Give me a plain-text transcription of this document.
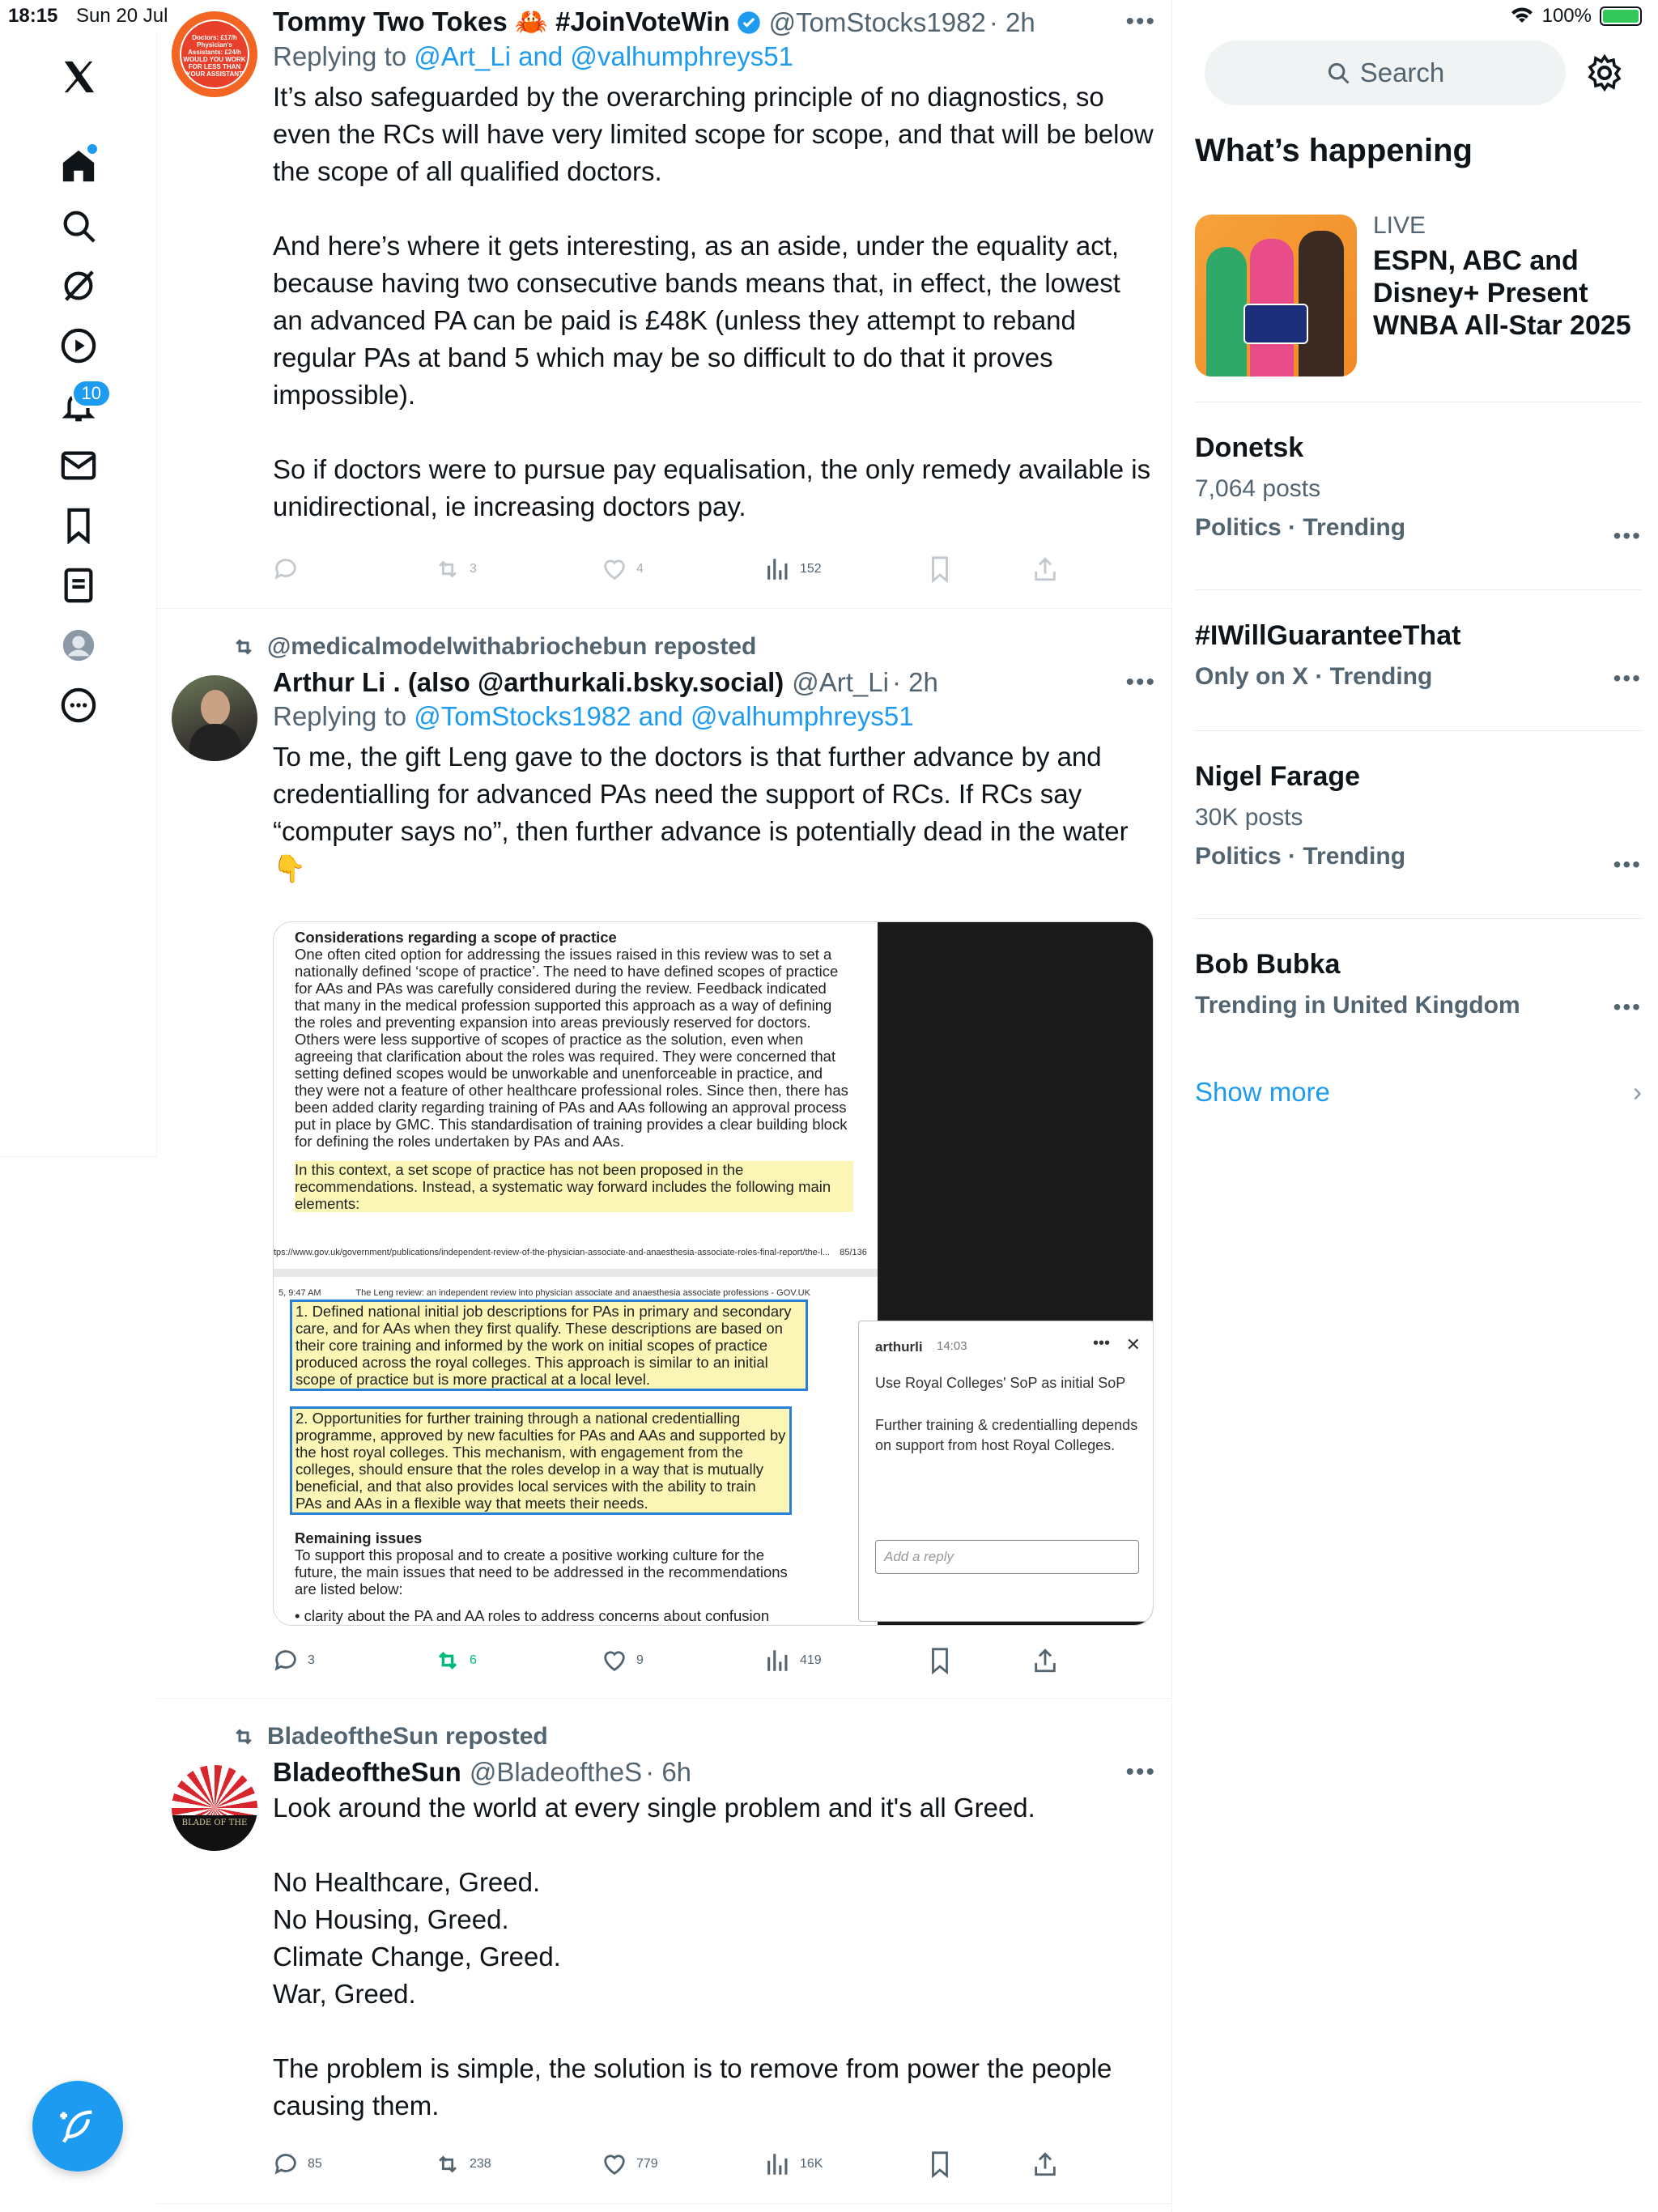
18:15 Sun 20 Jul	100%
10
Doctors: £17/h Physician's Assistants: £24/h WOULD YOU WORK FOR LESS THAN YOUR ASSISTANT
Tommy Two Tokes 🦀 #JoinVoteWin @TomStocks1982 · 2h
Replying to @Art_Li and @valhumphreys51
It’s also safeguarded by the overarching principle of no diagnostics, so even the RCs will have very limited scope for scope, and that will be below the scope of all qualified doctors.

And here’s where it gets interesting, as an aside, under the equality act, because having two consecutive bands means that, in effect, the lowest an advanced PA can be paid is £48K (unless they attempt to reband regular PAs at band 5 which may be so difficult to do that it proves impossible).

So if doctors were to pursue pay equalisation, the only remedy available is unidirectional, ie increasing doctors pay.
•••
3	4	152
@medicalmodelwithabriochebun reposted
Arthur Li . (also @arthurkali.bsky.social) @Art_Li · 2h
Replying to @TomStocks1982 and @valhumphreys51
To me, the gift Leng gave to the doctors is that further advance by and credentialling for advanced PAs need the support of RCs. If RCs say “computer says no”, then further advance is potentially dead in the water 👇
•••
Considerations regarding a scope of practice
One often cited option for addressing the issues raised in this review was to set a nationally defined ‘scope of practice’. The need to have defined scopes of practice for AAs and PAs was carefully considered during the review. Feedback indicated that many in the medical profession supported this approach as a way of defining the roles and preventing expansion into areas previously reserved for doctors. Others were less supportive of scopes of practice as the solution, even when agreeing that clarification about the roles was required. They were concerned that setting defined scopes would be unworkable and unenforceable in practice, and they were not a feature of other healthcare professional roles. Since then, there has been added clarity regarding training of PAs and AAs following an approval process put in place by GMC. This standardisation of training provides a clear building block for defining the roles undertaken by PAs and AAs.
In this context, a set scope of practice has not been proposed in the recommendations. Instead, a systematic way forward includes the following main elements:
tps://www.gov.uk/government/publications/independent-review-of-the-physician-associate-and-anaesthesia-associate-roles-final-report/the-l... 85/136
5, 9:47 AM	The Leng review: an independent review into physician associate and anaesthesia associate professions - GOV.UK
1. Defined national initial job descriptions for PAs in primary and secondary care, and for AAs when they first qualify. These descriptions are based on their core training and informed by the work on initial scopes of practice produced across the royal colleges. This approach is similar to an initial scope of practice but is more practical at a local level.
2. Opportunities for further training through a national credentialling programme, approved by new faculties for PAs and AAs and supported by the host royal colleges. This mechanism, with engagement from the colleges, should ensure that the roles develop in a way that is mutually beneficial, and that also provides local services with the ability to train PAs and AAs in a flexible way that meets their needs.
Remaining issues
To support this proposal and to create a positive working culture for the future, the main issues that need to be addressed in the recommendations are listed below:
• clarity about the PA and AA roles to address concerns about confusion
arthurli 14:03	••• ✕
Use Royal Colleges' SoP as initial SoP
Further training & credentialling depends on support from host Royal Colleges.
Add a reply
3	6	9	419
BladeoftheSun reposted
BLADE OF THE
BladeoftheSun @BladeoftheS · 6h
Look around the world at every single problem and it's all Greed.

No Healthcare, Greed.
No Housing, Greed.
Climate Change, Greed.
War, Greed.

The problem is simple, the solution is to remove from power the people causing them.
•••
85	238	779	16K
Search
What’s happening
LIVE
ESPN, ABC and Disney+ Present WNBA All-Star 2025
Donetsk
7,064 posts
Politics · Trending	•••
#IWillGuaranteeThat
Only on X · Trending	•••
Nigel Farage
30K posts
Politics · Trending	•••
Bob Bubka
Trending in United Kingdom	•••
Show more	›
